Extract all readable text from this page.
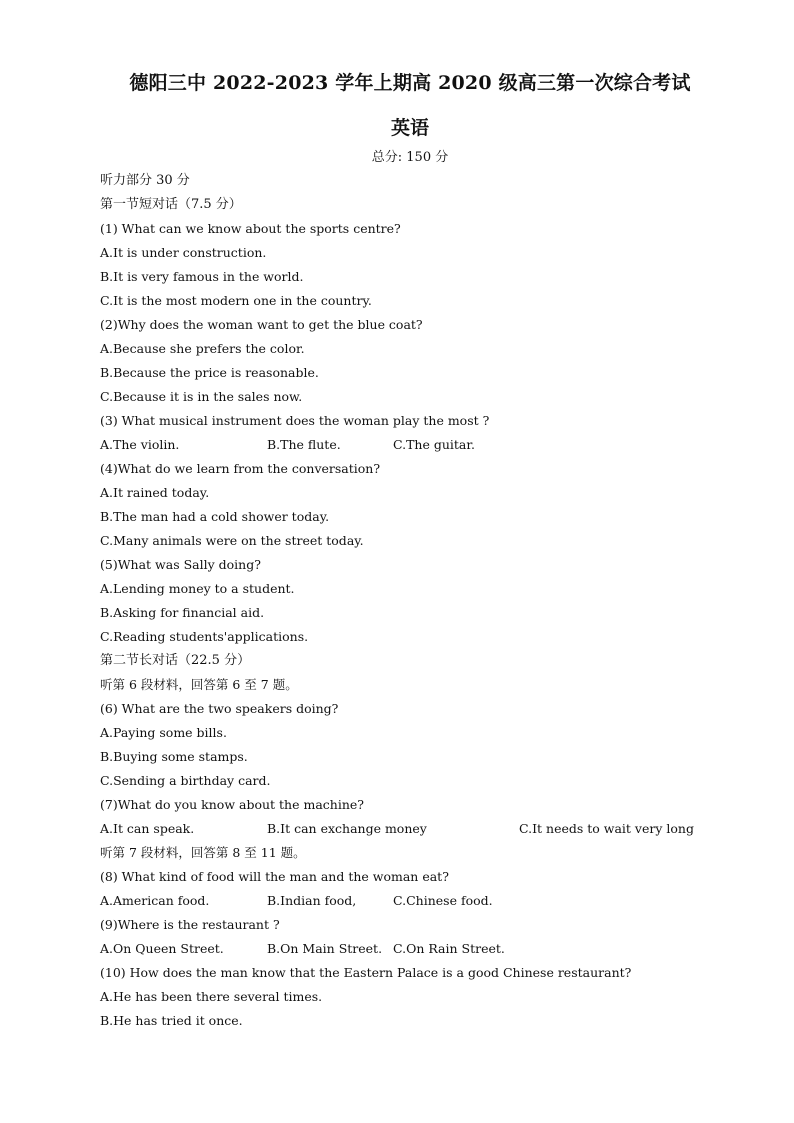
德阳三中 2022-2023 学年上期高 2020 级高三第一次综合考试
英语
总分: 150 分
听力部分 30 分
第一节短对话（7.5 分）
(1) What can we know about the sports centre?
A.It is under construction.
B.It is very famous in the world.
C.It is the most modern one in the country.
(2)Why does the woman want to get the blue coat?
A.Because she prefers the color.
B.Because the price is reasonable.
C.Because it is in the sales now.
(3) What musical instrument does the woman play the most ?
A.The violin.	B.The flute.	C.The guitar.
(4)What do we learn from the conversation?
A.It rained today.
B.The man had a cold shower today.
C.Many animals were on the street today.
(5)What was Sally doing?
A.Lending money to a student.
B.Asking for financial aid.
C.Reading students'applications.
第二节长对话（22.5 分）
听第 6 段材料，回答第 6 至 7 题。
(6) What are the two speakers doing?
A.Paying some bills.
B.Buying some stamps.
C.Sending a birthday card.
(7)What do you know about the machine?
A.It can speak.	B.It can exchange money	C.It needs to wait very long
听第 7 段材料，回答第 8 至 11 题。
(8) What kind of food will the man and the woman eat?
A.American food.	B.Indian food,	C.Chinese food.
(9)Where is the restaurant ?
A.On Queen Street.	B.On Main Street. C.On Rain Street.
(10) How does the man know that the Eastern Palace is a good Chinese restaurant?
A.He has been there several times.
B.He has tried it once.
